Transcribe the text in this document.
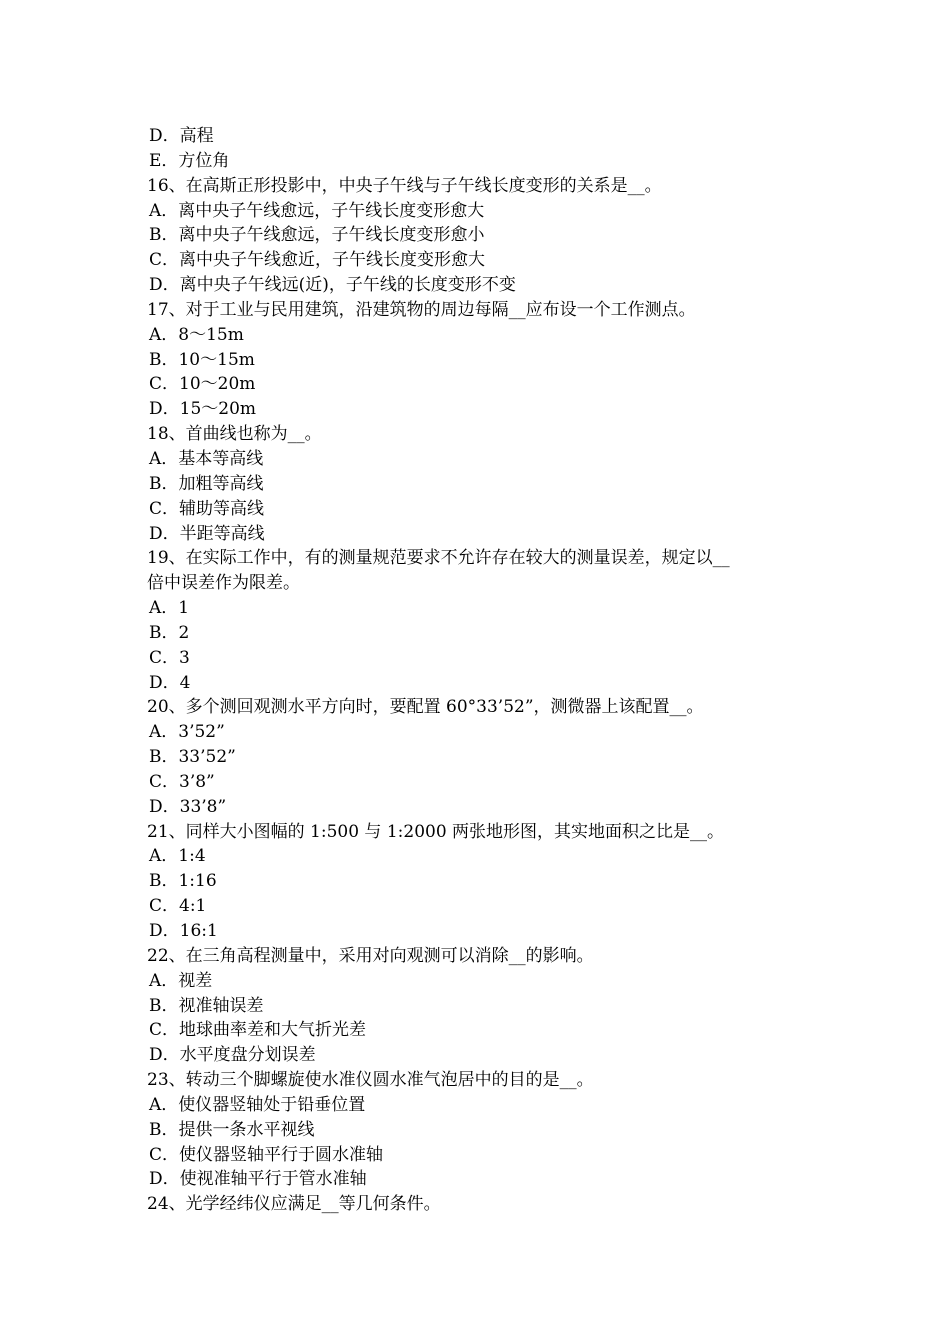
D．高程
E．方位角
16、在高斯正形投影中，中央子午线与子午线长度变形的关系是__。
A．离中央子午线愈远，子午线长度变形愈大
B．离中央子午线愈远，子午线长度变形愈小
C．离中央子午线愈近，子午线长度变形愈大
D．离中央子午线远(近)，子午线的长度变形不变
17、对于工业与民用建筑，沿建筑物的周边每隔__应布设一个工作测点。
A．8～15m
B．10～15m
C．10～20m
D．15～20m
18、首曲线也称为__。
A．基本等高线
B．加粗等高线
C．辅助等高线
D．半距等高线
19、在实际工作中，有的测量规范要求不允许存在较大的测量误差，规定以__
倍中误差作为限差。
A．1
B．2
C．3
D．4
20、多个测回观测水平方向时，要配置 60°33’52”，测微器上该配置__。
A．3’52”
B．33’52”
C．3’8”
D．33’8”
21、同样大小图幅的 1:500 与 1:2000 两张地形图，其实地面积之比是__。
A．1:4
B．1:16
C．4:1
D．16:1
22、在三角高程测量中，采用对向观测可以消除__的影响。
A．视差
B．视准轴误差
C．地球曲率差和大气折光差
D．水平度盘分划误差
23、转动三个脚螺旋使水准仪圆水准气泡居中的目的是__。
A．使仪器竖轴处于铅垂位置
B．提供一条水平视线
C．使仪器竖轴平行于圆水准轴
D．使视准轴平行于管水准轴
24、光学经纬仪应满足__等几何条件。
